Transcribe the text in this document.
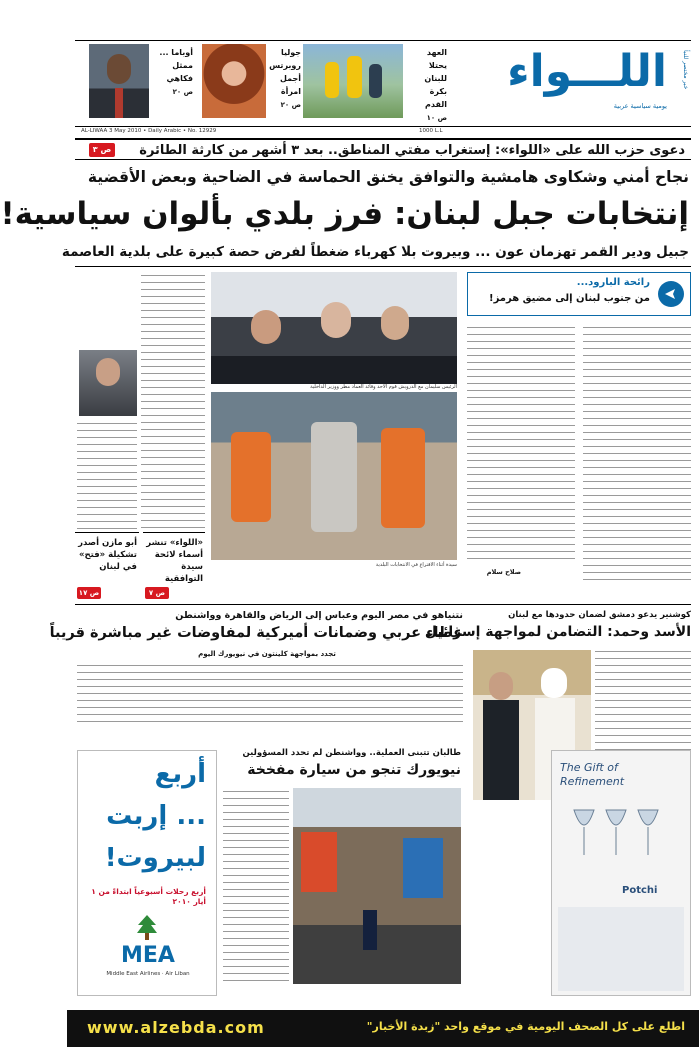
اللـــواء	خبر مختصر للنبأ
يومية سياسية عربية
العهد يحتلا للبنان بكرة القدم
ص ١٠
جوليا روبرتس أجمل امرأة
ص ٢٠
أوباما ... ممثل فكاهي
ص ٢٠
AL-LIWAA 3 May 2010 • Daily Arabic • No. 12929	1000 L.L
دعوى حزب الله على «اللواء»: إستغراب مفتي المناطق.. بعد ٣ أشهر من كارثة الطائرة
ص ٣
نجاح أمني وشكاوى هامشية والتوافق يخنق الحماسة في الضاحية وبعض الأقضية
إنتخابات جبل لبنان: فرز بلدي بألوان سياسية!
جبيل ودير القمر تهزمان عون ... وبيروت بلا كهرباء ضغطاً لفرض حصة كبيرة على بلدية العاصمة
رائحة البارود...
من جنوب لبنان إلى مضيق هرمز!
صلاح سلام
الرئيس سليمان مع الدرويش قوم الأحد وقائد العماد مطر ووزير الداخلية
سيدة أثناء الاقتراع في الانتخابات البلدية
«اللواء» تنشر أسماء لائحة سيدة التوافقية
ص ٧
أبو مازن أصدر تشكيلة «فتح» في لبنان
ص ١٧
كوشنير يدعو دمشق لضمان حدودها مع لبنان
الأسد وحمد: التضامن لمواجهة إسرائيل
نتنياهو في مصر اليوم وعباس إلى الرياض والقاهرة وواشنطن
غطاء عربي وضمانات أميركية لمفاوضات غير مباشرة قريباً
تجدد بمواجهة كلينتون في نيويورك اليوم
طالبان تتبنى العملية.. وواشنطن لم تحدد المسؤولين
نيويورك تنجو من سيارة مفخخة
أربع
... إربت
لبيروت!
أربع رحلات أسبوعياً ابتداءً من ١ أيار ٢٠١٠
MEA
Middle East Airlines · Air Liban
The Gift of Refinement
Potchi
www.alzebda.com	اطلع على كل الصحف اليومية في موقع واحد "زبدة الأخبار"
